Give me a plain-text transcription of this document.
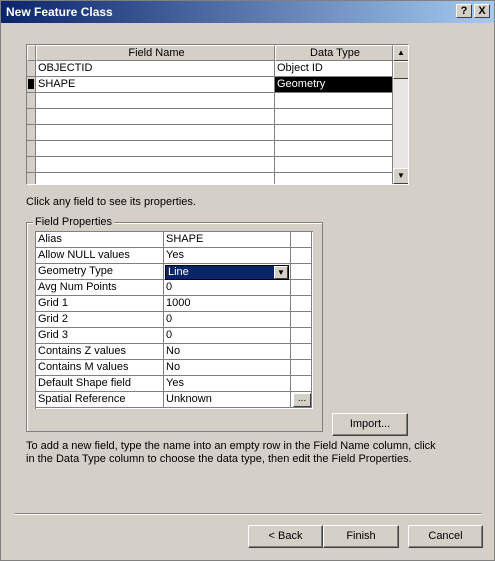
New Feature Class	? X
Field Name	Data Type
OBJECTID	Object ID
SHAPE	Geometry
▲
▼
Click any field to see its properties.
Field Properties
Alias	SHAPE
Allow NULL values	Yes
Geometry Type	Line	▼
Avg Num Points	0
Grid 1	1000
Grid 2	0
Grid 3	0
Contains Z values	No
Contains M values	No
Default Shape field	Yes
Spatial Reference	Unknown	...
Import...
To add a new field, type the name into an empty row in the Field Name column, click in the Data Type column to choose the data type, then edit the Field Properties.
< Back	Finish	Cancel
